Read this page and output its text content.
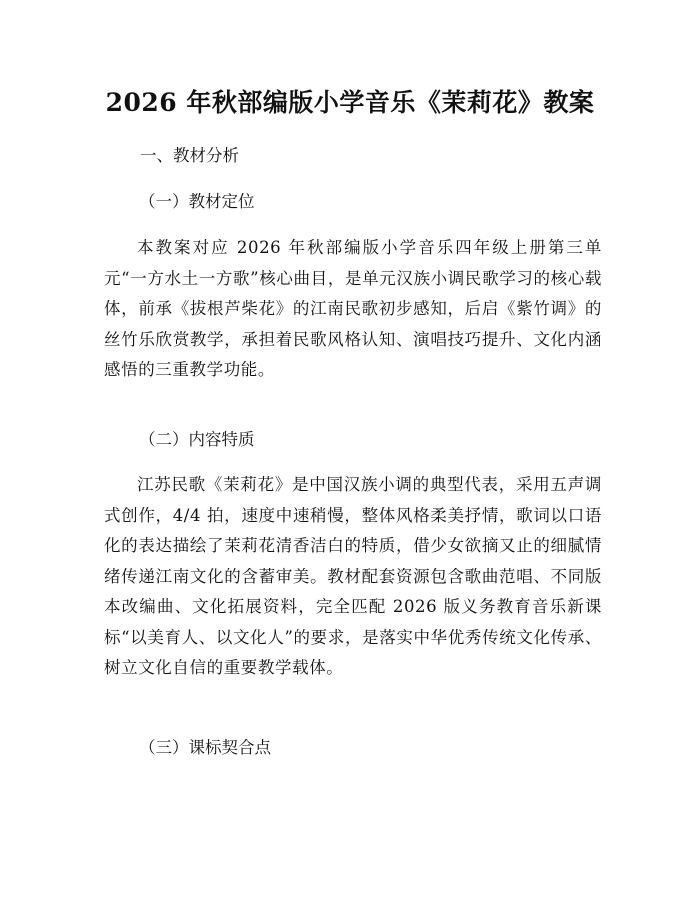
2026 年秋部编版小学音乐《茉莉花》教案
一、教材分析
（一）教材定位

本教案对应 2026 年秋部编版小学音乐四年级上册第三单元“一方水土一方歌”核心曲目，是单元汉族小调民歌学习的核心载体，前承《拔根芦柴花》的江南民歌初步感知，后启《紫竹调》的丝竹乐欣赏教学，承担着民歌风格认知、演唱技巧提升、文化内涵感悟的三重教学功能。

（二）内容特质

江苏民歌《茉莉花》是中国汉族小调的典型代表，采用五声调式创作，4/4 拍，速度中速稍慢，整体风格柔美抒情，歌词以口语化的表达描绘了茉莉花清香洁白的特质，借少女欲摘又止的细腻情绪传递江南文化的含蓄审美。教材配套资源包含歌曲范唱、不同版本改编曲、文化拓展资料，完全匹配 2026 版义务教育音乐新课标“以美育人、以文化人”的要求，是落实中华优秀传统文化传承、树立文化自信的重要教学载体。

（三）课标契合点
